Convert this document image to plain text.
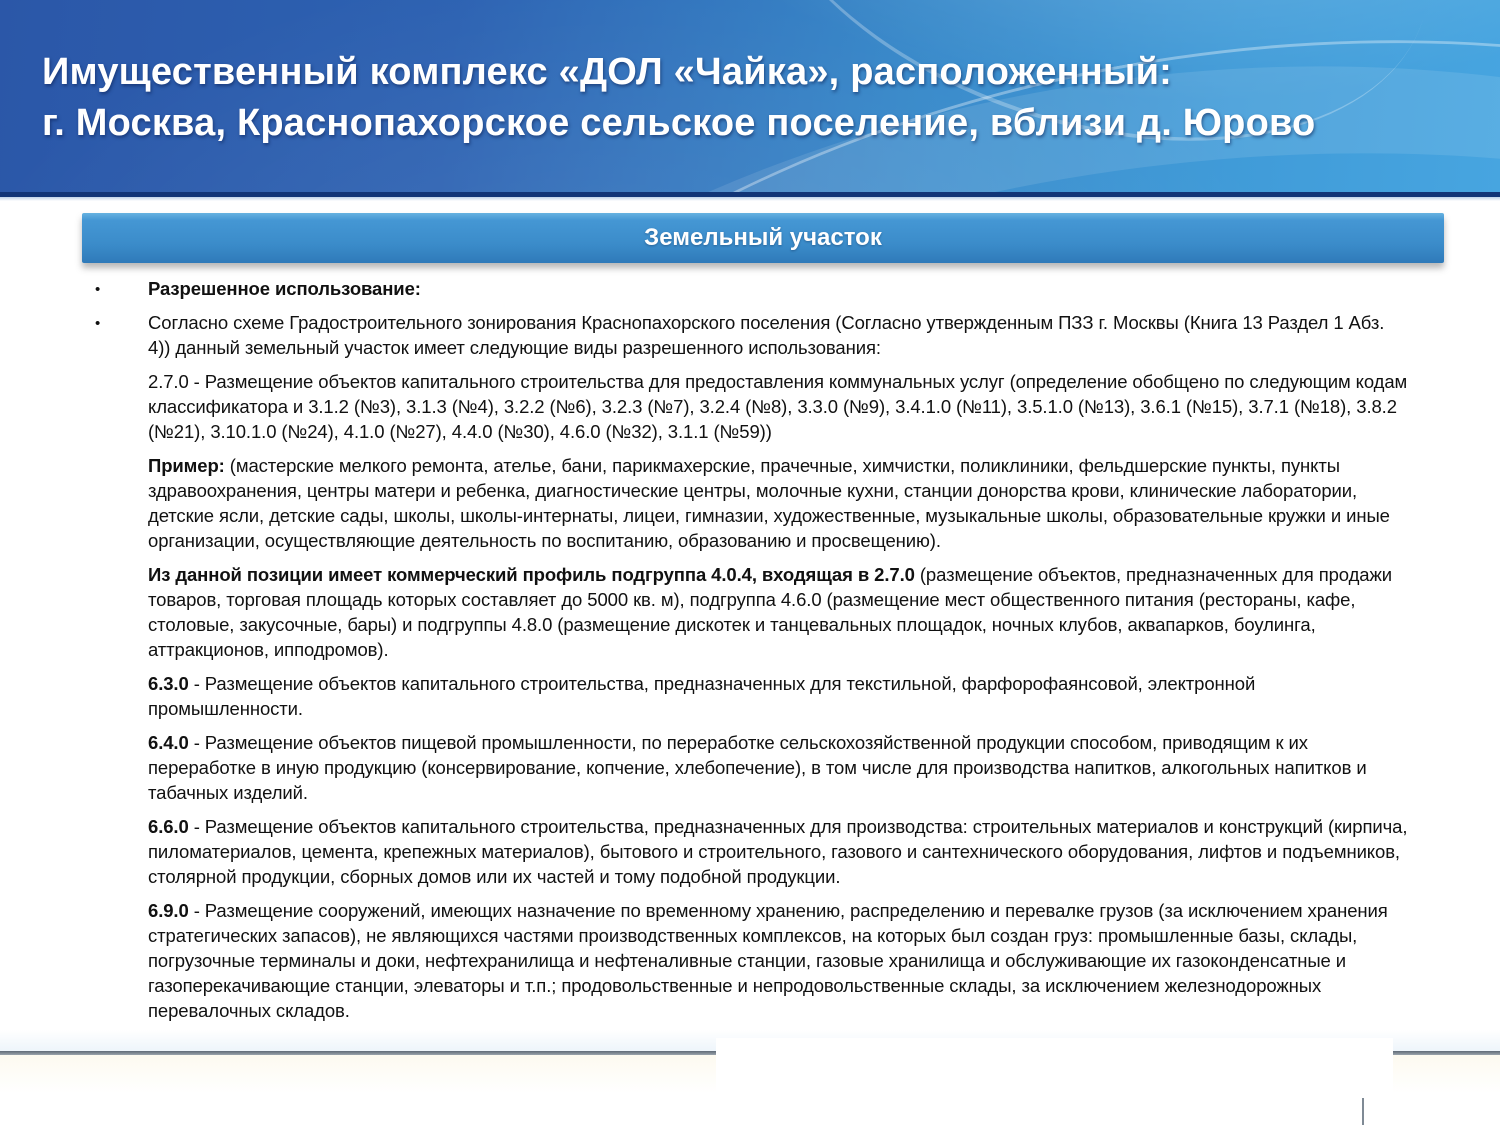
Имущественный комплекс «ДОЛ «Чайка», расположенный:
г. Москва, Краснопахорское сельское поселение, вблизи д. Юрово
Земельный участок
•	Разрешенное использование:
•	Согласно схеме Градостроительного зонирования Краснопахорского поселения (Согласно утвержденным ПЗЗ г. Москвы (Книга 13 Раздел 1 Абз. 4)) данный земельный участок имеет следующие виды разрешенного использования:
2.7.0 - Размещение объектов капитального строительства для предоставления коммунальных услуг (определение обобщено по следующим кодам классификатора и 3.1.2 (№3), 3.1.3 (№4), 3.2.2 (№6), 3.2.3 (№7), 3.2.4 (№8), 3.3.0 (№9), 3.4.1.0 (№11), 3.5.1.0 (№13), 3.6.1 (№15), 3.7.1 (№18), 3.8.2 (№21), 3.10.1.0 (№24), 4.1.0 (№27), 4.4.0 (№30), 4.6.0 (№32), 3.1.1 (№59))
Пример: (мастерские мелкого ремонта, ателье, бани, парикмахерские, прачечные, химчистки, поликлиники, фельдшерские пункты, пункты здравоохранения, центры матери и ребенка, диагностические центры, молочные кухни, станции донорства крови, клинические лаборатории, детские ясли, детские сады, школы, школы-интернаты, лицеи, гимназии, художественные, музыкальные школы, образовательные кружки и иные организации, осуществляющие деятельность по воспитанию, образованию и просвещению).
Из данной позиции имеет коммерческий профиль подгруппа 4.0.4, входящая в 2.7.0 (размещение объектов, предназначенных для продажи товаров, торговая площадь которых составляет до 5000 кв. м), подгруппа 4.6.0 (размещение мест общественного питания (рестораны, кафе, столовые, закусочные, бары) и подгруппы 4.8.0 (размещение дискотек и танцевальных площадок, ночных клубов, аквапарков, боулинга, аттракционов, ипподромов).
6.3.0 - Размещение объектов капитального строительства, предназначенных для текстильной, фарфорофаянсовой, электронной промышленности.
6.4.0 - Размещение объектов пищевой промышленности, по переработке сельскохозяйственной продукции способом, приводящим к их переработке в иную продукцию (консервирование, копчение, хлебопечение), в том числе для производства напитков, алкогольных напитков и табачных изделий.
6.6.0 - Размещение объектов капитального строительства, предназначенных для производства: строительных материалов и конструкций (кирпича, пиломатериалов, цемента, крепежных материалов), бытового и строительного, газового и сантехнического оборудования, лифтов и подъемников, столярной продукции, сборных домов или их частей и тому подобной продукции.
6.9.0 - Размещение сооружений, имеющих назначение по временному хранению, распределению и перевалке грузов (за исключением хранения стратегических запасов), не являющихся частями производственных комплексов, на которых был создан груз: промышленные базы, склады, погрузочные терминалы и доки, нефтехранилища и нефтеналивные станции, газовые хранилища и обслуживающие их газоконденсатные и газоперекачивающие станции, элеваторы и т.п.; продовольственные и непродовольственные склады, за исключением железнодорожных перевалочных складов.
